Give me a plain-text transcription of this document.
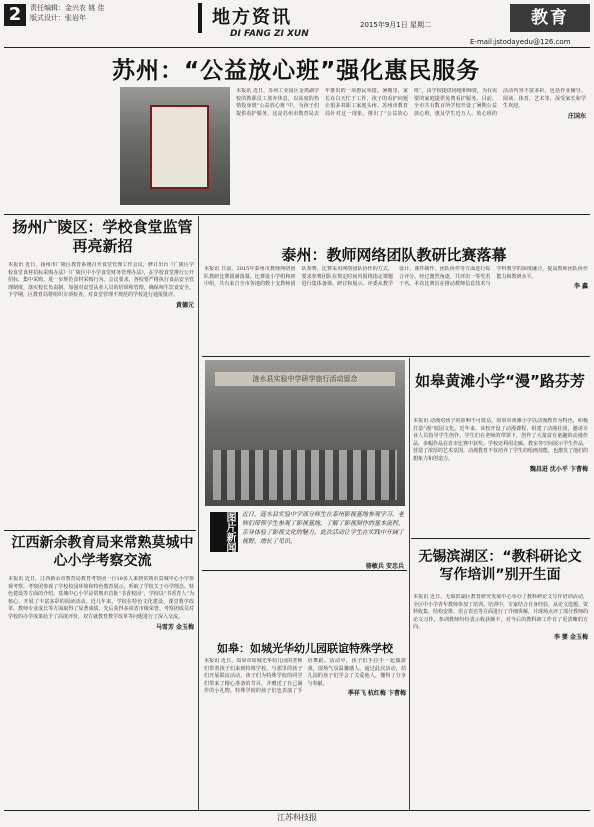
2	责任编辑：金兴农 姚 佳
版式设计：张岩年	地方资讯
DI FANG ZI XUN
2015年9月1日 星期二	教育
E-mail:jstodayedu@126.com
苏州：“公益放心班”强化惠民服务
本报讯 近日，苏州工业园区金鸡湖学校的教职员工放弃休息，以高度的热情投身到“公益放心班”中，为孩子们提供看护服务。这是苏州市教育局去年推出的一项惠民举措。暑期里，家长在白天忙于工作，孩子的看护问题让很多双职工家庭头疼。苏州市教育局针对这一现象，推出了“公益放心班”，由学校提供场地和师资，为有需要的家庭提供免费看护服务。目前，全市共有数百所学校开设了暑期公益放心班，惠及学生近万人。放心班的活动内容丰富多彩，包括作业辅导、阅读、体育、艺术等，深受家长和学生欢迎。
庄国东
扬州广陵区：学校食堂监管再亮新招
本报讯 近日，扬州市广陵区教育系统召开食堂管理工作会议，修订出台《广陵区学校食堂食材招标采购办法》《广陵区中小学食堂财务管理办法》，在学校食堂推行公开招标，集中采购，进一步规范食材采购行为。会议要求，各校要严格执行食品安全管理制度，落实校长负责制，加强对食堂从业人员的培训和管理，确保师生饮食安全。下学期，区教育局将组织专项检查，对食堂管理不规范的学校进行通报批评。
黄德元
江西新余教育局来常熟莫城中心小学考察交流
本报讯 近日，江西新余市教育局教育考察团一行10多人来到常熟市莫城中心小学参观考察。考察团参观了学校校园环境和特色教育展示，听取了学校关于办学理念、特色建设等方面的介绍。莫城中心小学是常熟市首批“书香校园”，学校以“书香育人”为核心，开展了丰富多彩的阅读活动。近几年来，学校在特色文化建设、课堂教学改革、教师专业成长等方面取得了显著成绩，先后获得多项省市级荣誉。考察团成员对学校的办学成果给予了高度评价，双方就教育教学改革等问题进行了深入交流。
马雪芳 金玉梅
泰州：教师网络团队教研比赛落幕
本报讯 日前，2015年泰州市教师网络团队教研比赛圆满落幕。比赛设小学组和初中组，共有来自全市各地的数十支教师团队参赛。比赛采用网络团队协作的方式，要求参赛团队在规定时间内围绕指定课题进行集体备课、研讨和展示。评委从教学设计、课件制作、团队协作等方面进行综合评分。经过激烈角逐，共评出一等奖若干名。本次比赛旨在推动教师信息技术与学科教学的深度融合，提高教师团队协作能力和教研水平。
李 鑫
涟水县实验中学研学旅行活动留念
图片新闻	近日，涟水县实验中学部分师生在泰州影视基地参观学习。老师们带领学生参观了影视基地，了解了影视制作的基本流程，亲身体验了影视文化的魅力。此次活动让学生在实践中开阔了视野，增长了见识。
骆敏兵 安忠兵
如皋黄滩小学“漫”路芬芳
本报讯 动漫对孩子的影响不可低估，如皋市黄滩小学以动漫教育为特色，积极打造“漫”校园文化。近年来，该校开设了动漫课程，组建了动漫社团，邀请专业人员指导学生创作。学生们在老师的带领下，创作了大量富有童趣的动漫作品，多幅作品在省市比赛中获奖。学校还利用走廊、教室等空间展示学生作品，营造了浓厚的艺术氛围。动漫教育不仅培养了学生的绘画技能，也激发了他们的想象力和创造力。
魏昌进 沈小平 卞曹梅
无锡滨湖区：“教科研论文写作培训”别开生面
本报讯 近日，无锡滨湖区教育研究发展中心举办了教科研论文写作培训活动，全区中小学青年教师参加了培训。培训中，专家结合自身经验，从论文选题、资料收集、结构安排、语言表达等方面进行了详细讲解，并现场点评了部分教师的论文习作。参训教师纷纷表示收获颇丰，对今后的教科研工作有了更清晰的方向。
李 婴 金玉梅
如皋：如城光华幼儿园联谊特殊学校
本报讯 近日，如皋市如城光华幼儿园的老师们带着孩子们来到特殊学校，与那里的孩子们开展联谊活动。孩子们为特殊学校的同学们带来了精心准备的节目，并赠送了自己制作的小礼物。特殊学校的孩子们也表演了手语舞蹈。活动中，孩子们手拉手一起做游戏，现场气氛温馨感人。通过此次活动，幼儿园的孩子们学会了关爱他人，懂得了分享与奉献。
季祥飞 杭红梅 卞曹梅
江苏科技报
